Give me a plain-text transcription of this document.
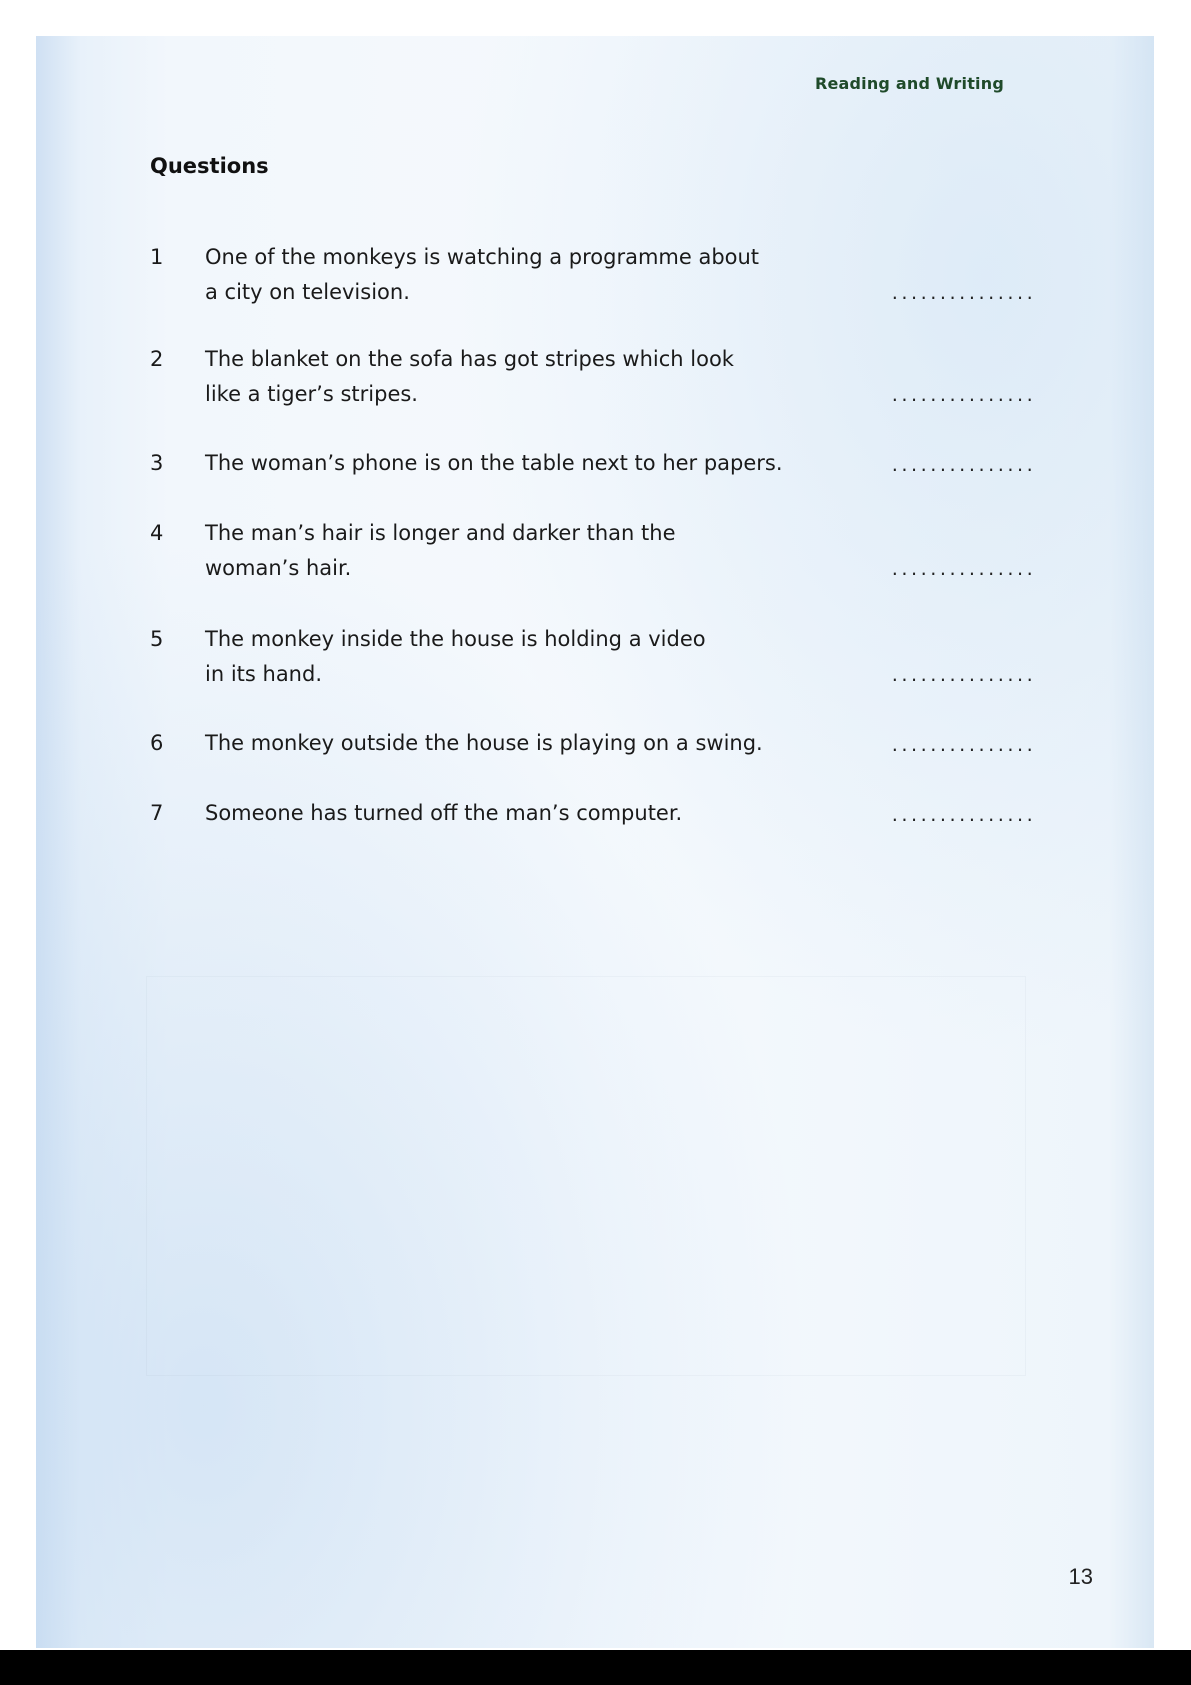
Reading and Writing
Questions
1	One of the monkeys is watching a programme about
a city on television.	...............
2	The blanket on the sofa has got stripes which look
like a tiger’s stripes.	...............
3	The woman’s phone is on the table next to her papers.	...............
4	The man’s hair is longer and darker than the
woman’s hair.	...............
5	The monkey inside the house is holding a video
in its hand.	...............
6	The monkey outside the house is playing on a swing.	...............
7	Someone has turned off the man’s computer.	...............
13
